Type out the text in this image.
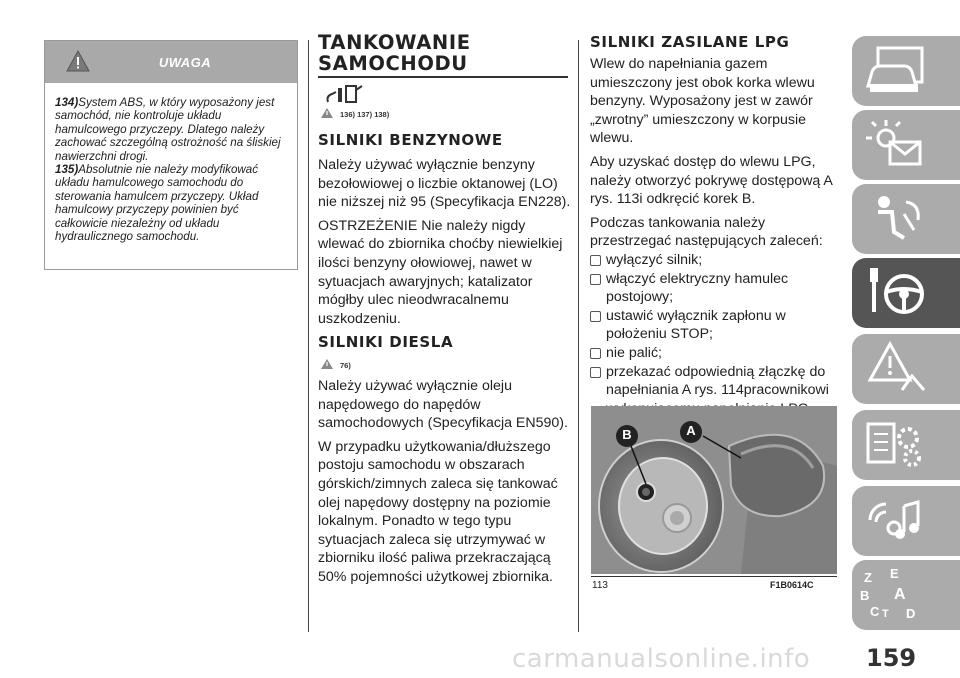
UWAGA

134)System ABS, w który wyposażony jest samochód, nie kontroluje układu hamulcowego przyczepy. Dlatego należy zachować szczególną ostrożność na śliskiej nawierzchni drogi.

135)Absolutnie nie należy modyfikować układu hamulcowego samochodu do sterowania hamulcem przyczepy. Układ hamulcowy przyczepy powinien być całkowicie niezależny od układu hydraulicznego samochodu.

TANKOWANIE
SAMOCHODU
136) 137) 138)
SILNIKI BENZYNOWE

Należy używać wyłącznie benzyny bezołowiowej o liczbie oktanowej (LO) nie niższej niż 95 (Specyfikacja EN228).

OSTRZEŻENIE Nie należy nigdy wlewać do zbiornika choćby niewielkiej ilości benzyny ołowiowej, nawet w sytuacjach awaryjnych; katalizator mógłby ulec nieodwracalnemu uszkodzeniu.

SILNIKI DIESLA
76)

Należy używać wyłącznie oleju napędowego do napędów samochodowych (Specyfikacja EN590).

W przypadku użytkowania/dłuższego postoju samochodu w obszarach górskich/zimnych zaleca się tankować olej napędowy dostępny na poziomie lokalnym. Ponadto w tego typu sytuacjach zaleca się utrzymywać w zbiorniku ilość paliwa przekraczającą 50% pojemności użytkowej zbiornika.

SILNIKI ZASILANE LPG

Wlew do napełniania gazem umieszczony jest obok korka wlewu benzyny. Wyposażony jest w zawór „zwrotny” umieszczony w korpusie wlewu.

Aby uzyskać dostęp do wlewu LPG, należy otworzyć pokrywę dostępową A rys. 113i odkręcić korek B.

Podczas tankowania należy przestrzegać następujących zaleceń:

wyłączyć silnik;
włączyć elektryczny hamulec postojowy;
ustawić wyłącznik zapłonu w położeniu STOP;
nie palić;
przekazać odpowiednią złączkę do napełniania A rys. 114pracownikowi
B	A
113	F1B0614C	Z E
B A
C T D
carmanualsonline.info 159
